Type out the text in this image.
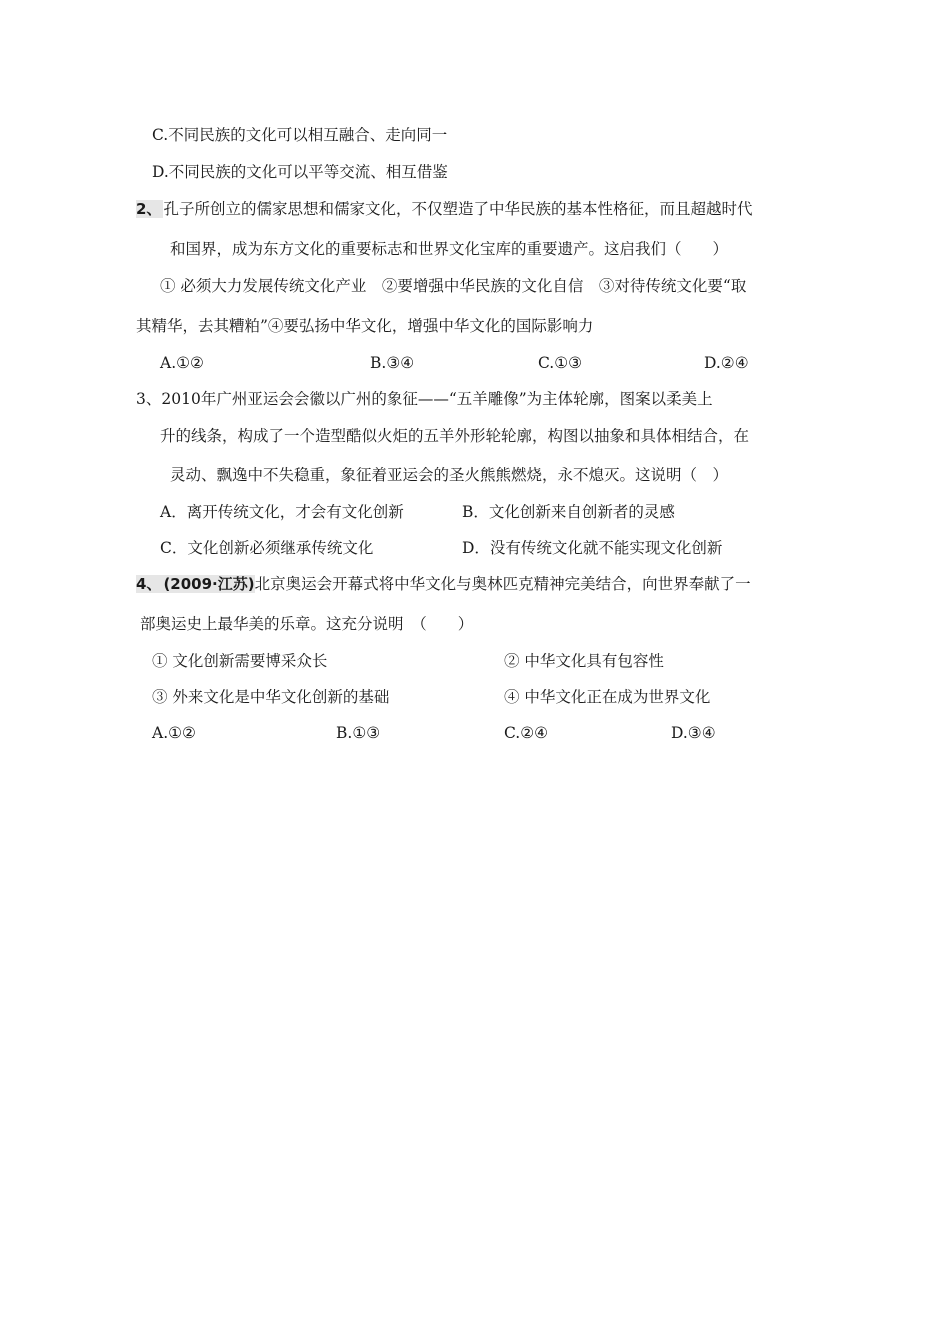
C.不同民族的文化可以相互融合、走向同一
D.不同民族的文化可以平等交流、相互借鉴
2、 孔子所创立的儒家思想和儒家文化，不仅塑造了中华民族的基本性格征，而且超越时代
和国界，成为东方文化的重要标志和世界文化宝库的重要遗产。这启我们（　　）
① 必须大力发展传统文化产业　②要增强中华民族的文化自信　③对待传统文化要“取
其精华，去其糟粕”④要弘扬中华文化，增强中华文化的国际影响力
A.①②	B.③④	C.①③	D.②④
3、2010年广州亚运会会徽以广州的象征——“五羊雕像”为主体轮廓，图案以柔美上
升的线条，构成了一个造型酷似火炬的五羊外形轮轮廓，构图以抽象和具体相结合，在
灵动、飘逸中不失稳重，象征着亚运会的圣火熊熊燃烧，永不熄灭。这说明（　）
A．离开传统文化，才会有文化创新	B．文化创新来自创新者的灵感
C．文化创新必须继承传统文化	D．没有传统文化就不能实现文化创新
4、 (2009·江苏)北京奥运会开幕式将中华文化与奥林匹克精神完美结合，向世界奉献了一
部奥运史上最华美的乐章。这充分说明　（　　）
① 文化创新需要博采众长	② 中华文化具有包容性
③ 外来文化是中华文化创新的基础	④ 中华文化正在成为世界文化
A.①②	B.①③	C.②④	D.③④
